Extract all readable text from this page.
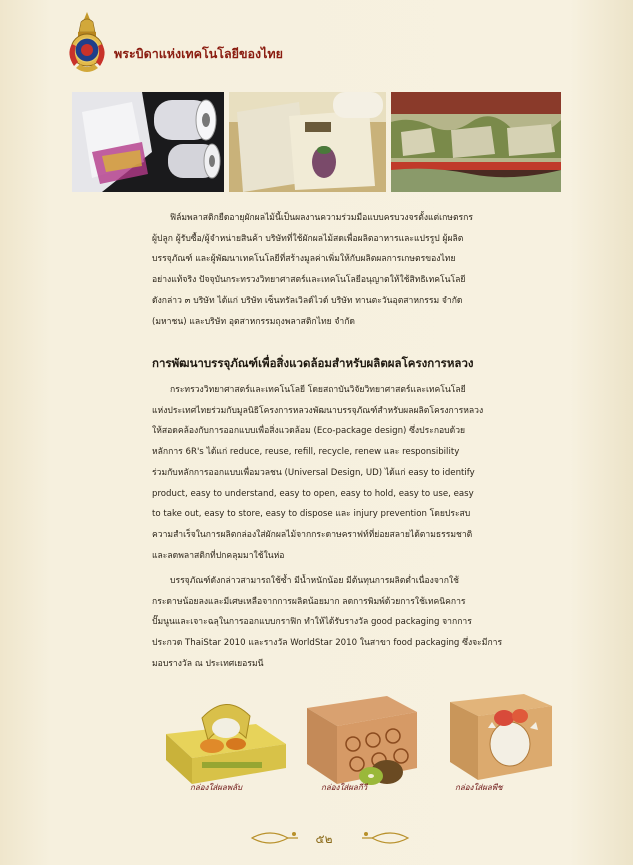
พระบิดาแห่งเทคโนโลยีของไทย
ฟิล์มพลาสติกยืดอายุผักผลไม้นี้เป็นผลงานความร่วมมือแบบครบวงจรตั้งแต่เกษตรกร
ผู้ปลูก ผู้รับซื้อ/ผู้จำหน่ายสินค้า บริษัทที่ใช้ผักผลไม้สดเพื่อผลิตอาหารและแปรรูป ผู้ผลิต
บรรจุภัณฑ์ และผู้พัฒนาเทคโนโลยีที่สร้างมูลค่าเพิ่มให้กับผลิตผลการเกษตรของไทย
อย่างแท้จริง ปัจจุบันกระทรวงวิทยาศาสตร์และเทคโนโลยีอนุญาตให้ใช้สิทธิเทคโนโลยี
ดังกล่าว ๓ บริษัท ได้แก่ บริษัท เซ็นทรัลเวิลด์ไวด์ บริษัท ทานตะวันอุตสาหกรรม จำกัด
(มหาชน) และบริษัท อุตสาหกรรมถุงพลาสติกไทย จำกัด
การพัฒนาบรรจุภัณฑ์เพื่อสิ่งแวดล้อมสำหรับผลิตผลโครงการหลวง
กระทรวงวิทยาศาสตร์และเทคโนโลยี โดยสถาบันวิจัยวิทยาศาสตร์และเทคโนโลยี
แห่งประเทศไทยร่วมกับมูลนิธิโครงการหลวงพัฒนาบรรจุภัณฑ์สำหรับผลผลิตโครงการหลวง
ให้สอดคล้องกับการออกแบบเพื่อสิ่งแวดล้อม (Eco-package design) ซึ่งประกอบด้วย
หลักการ 6R's ได้แก่ reduce, reuse, refill, recycle, renew และ responsibility
ร่วมกับหลักการออกแบบเพื่อมวลชน (Universal Design, UD) ได้แก่ easy to identify
product, easy to understand, easy to open, easy to hold, easy to use, easy
to take out, easy to store, easy to dispose และ injury prevention โดยประสบ
ความสำเร็จในการผลิตกล่องใส่ผักผลไม้จากกระดาษคราฟท์ที่ย่อยสลายได้ตามธรรมชาติ
และลดพลาสติกที่ปกคลุมมาใช้ในห่อ
บรรจุภัณฑ์ดังกล่าวสามารถใช้ซ้ำ มีน้ำหนักน้อย มีต้นทุนการผลิตต่ำเนื่องจากใช้
กระดาษน้อยลงและมีเศษเหลือจากการผลิตน้อยมาก ลดการพิมพ์ด้วยการใช้เทคนิคการ
ปั๊มนูนและเจาะฉลุในการออกแบบกราฟิก ทำให้ได้รับรางวัล good packaging จากการ
ประกวด ThaiStar 2010 และรางวัล WorldStar 2010 ในสาขา food packaging ซึ่งจะมีการ
มอบรางวัล ณ ประเทศเยอรมนี
กล่องใส่ผลพลับ	กล่องใส่ผลกีวี	กล่องใส่ผลพีช
๕๒
